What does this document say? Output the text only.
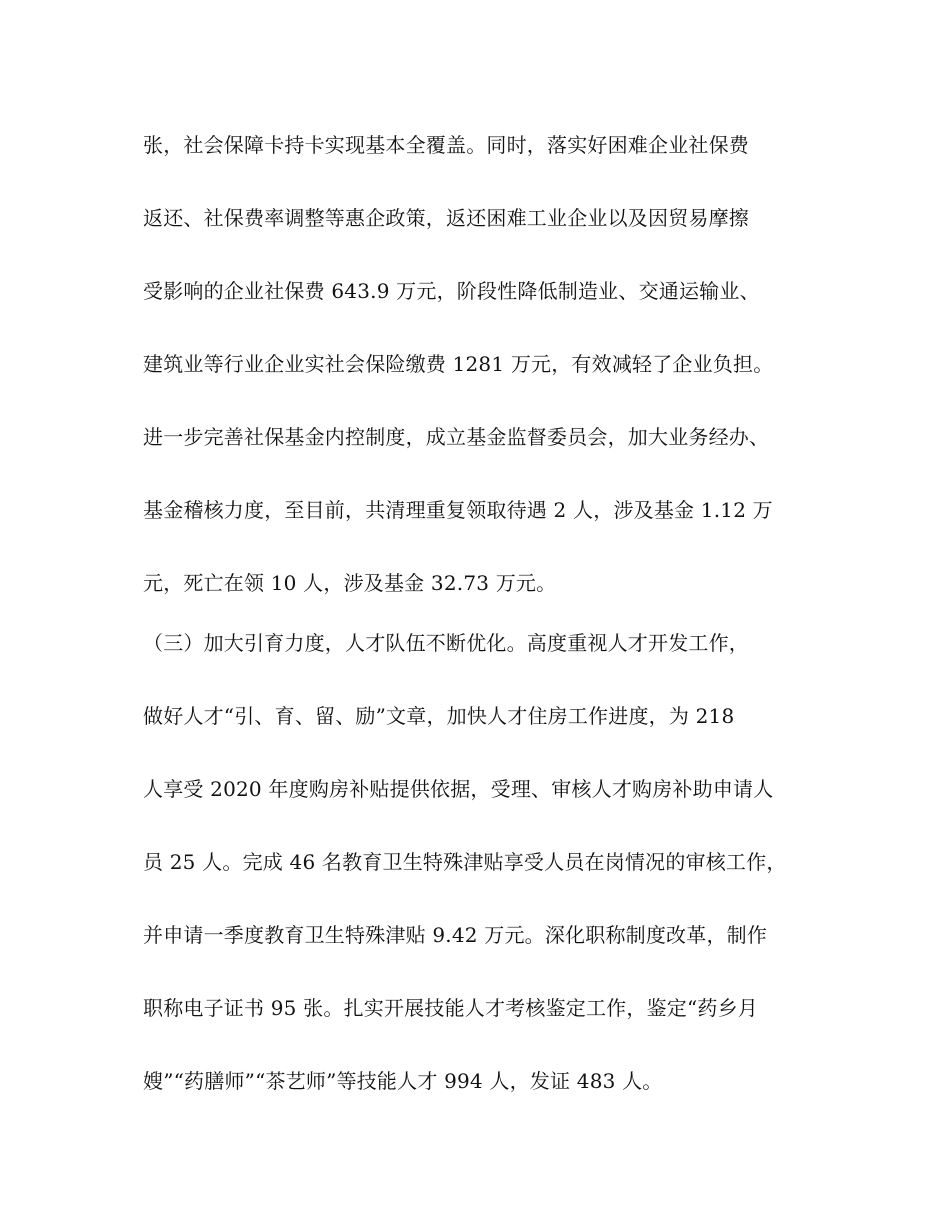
张，社会保障卡持卡实现基本全覆盖。同时，落实好困难企业社保费
返还、社保费率调整等惠企政策，返还困难工业企业以及因贸易摩擦
受影响的企业社保费 643.9 万元，阶段性降低制造业、交通运输业、
建筑业等行业企业实社会保险缴费 1281 万元，有效减轻了企业负担。
进一步完善社保基金内控制度，成立基金监督委员会，加大业务经办、
基金稽核力度，至目前，共清理重复领取待遇 2 人，涉及基金 1.12 万
元，死亡在领 10 人，涉及基金 32.73 万元。
（三）加大引育力度，人才队伍不断优化。高度重视人才开发工作，
做好人才“引、育、留、励”文章，加快人才住房工作进度，为 218
人享受 2020 年度购房补贴提供依据，受理、审核人才购房补助申请人
员 25 人。完成 46 名教育卫生特殊津贴享受人员在岗情况的审核工作，
并申请一季度教育卫生特殊津贴 9.42 万元。深化职称制度改革，制作
职称电子证书 95 张。扎实开展技能人才考核鉴定工作，鉴定“药乡月
嫂”“药膳师”“茶艺师”等技能人才 994 人，发证 483 人。
